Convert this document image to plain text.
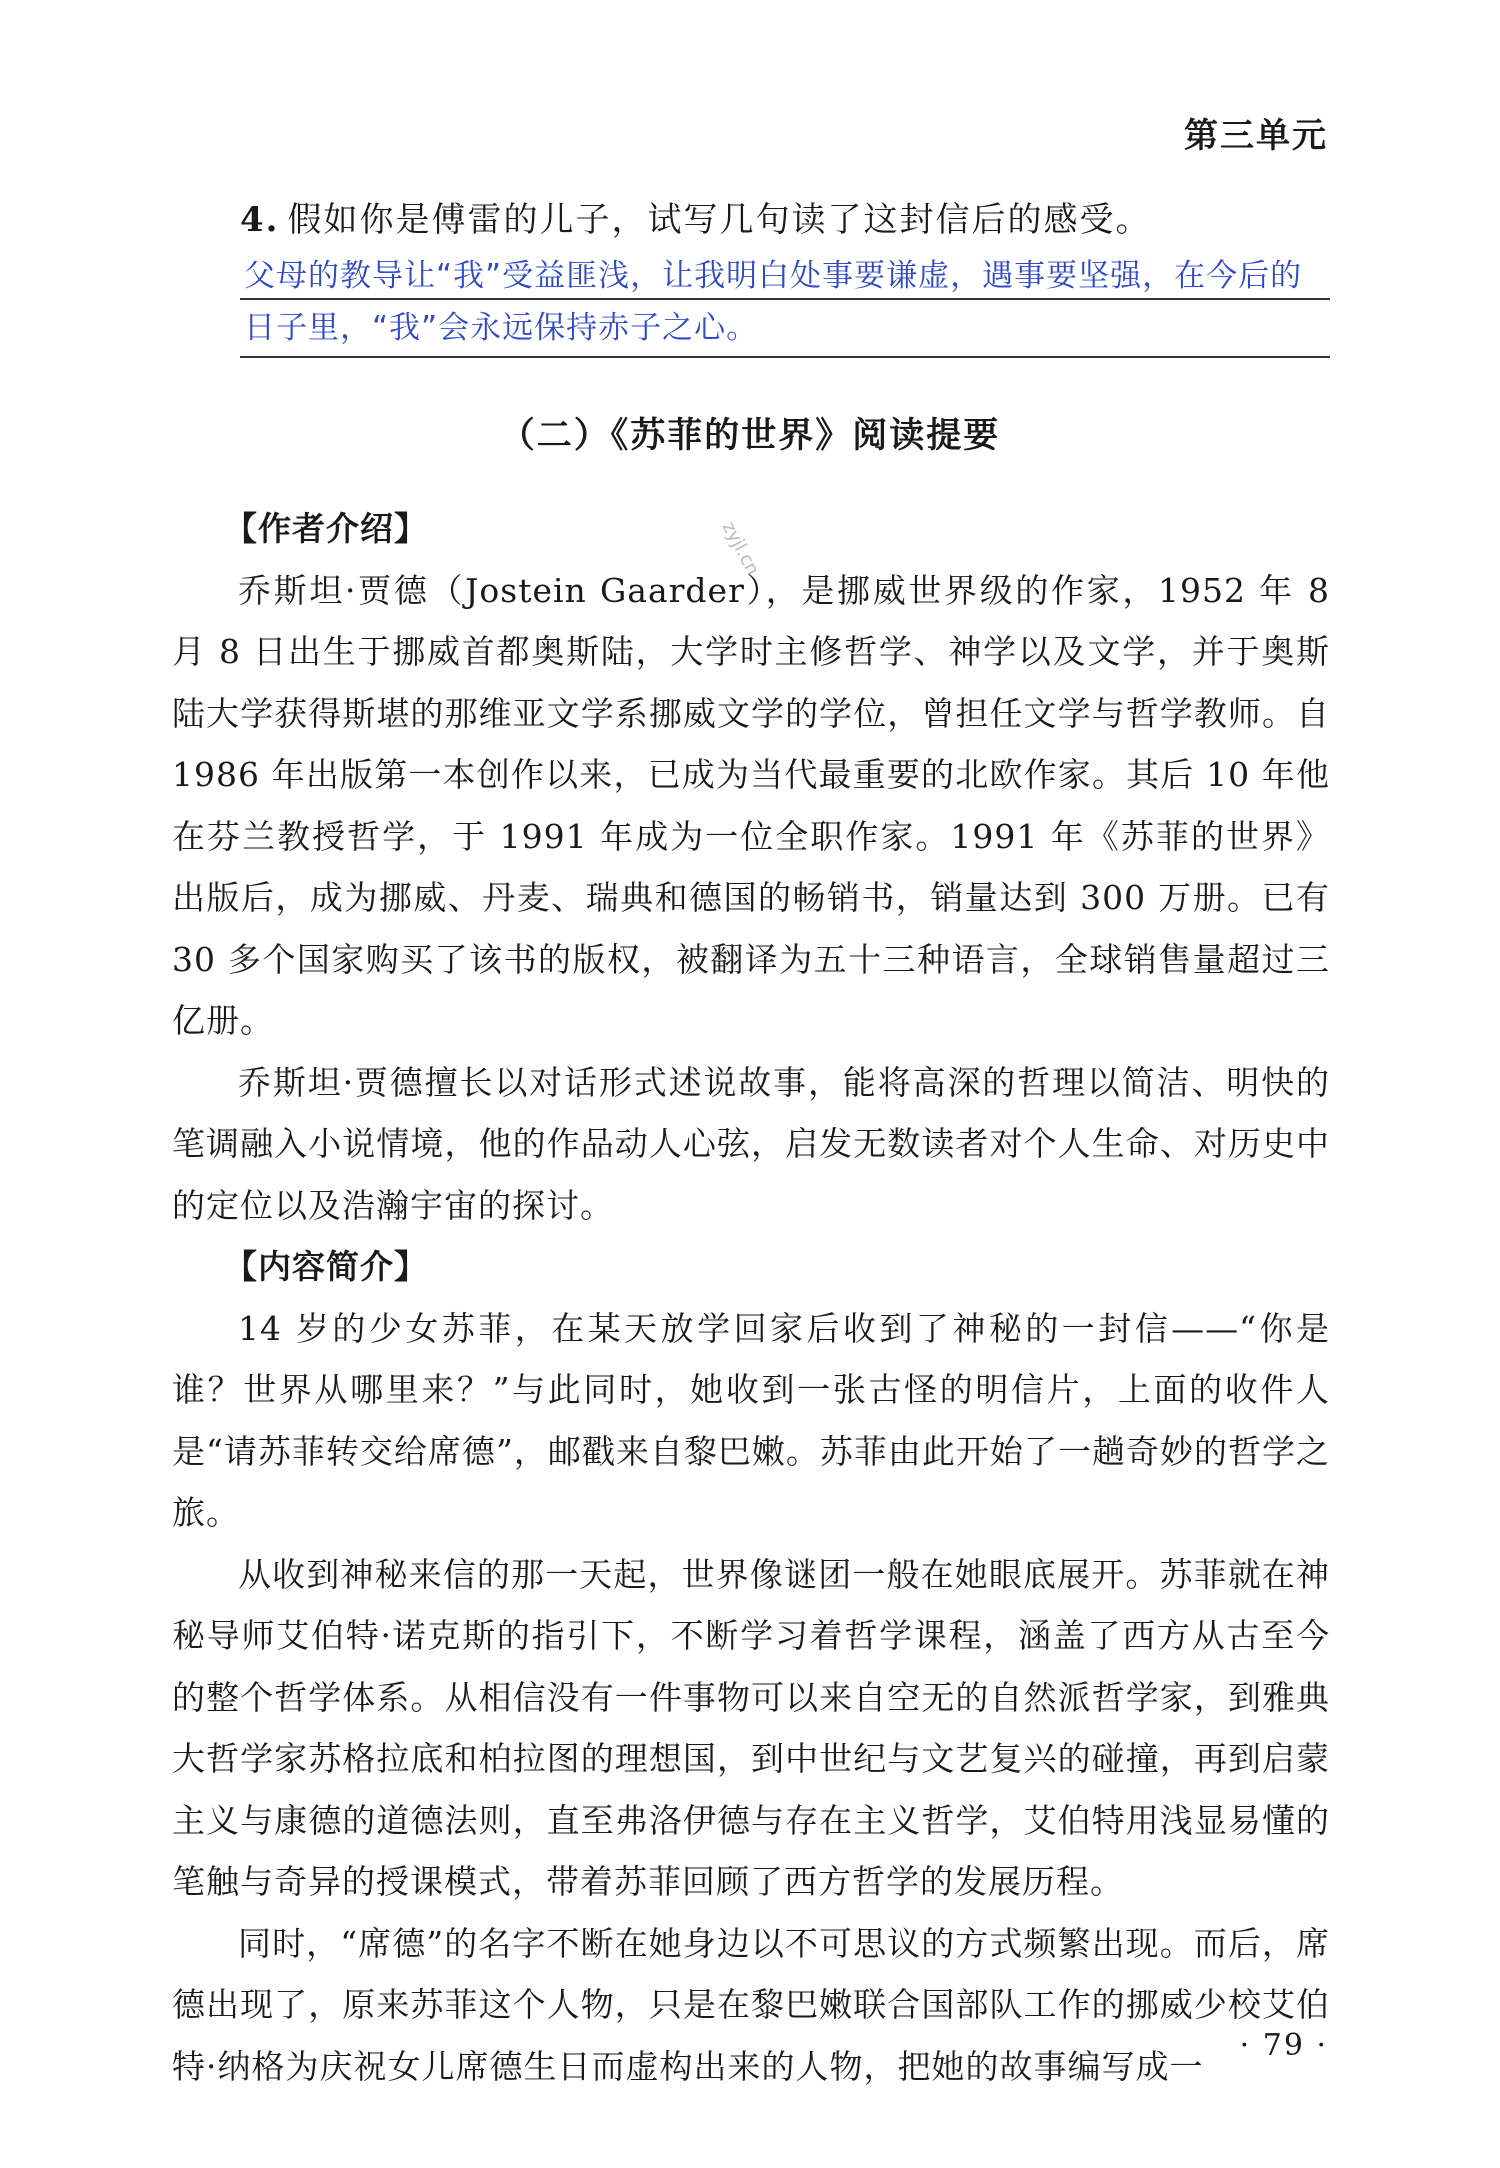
第三单元
4. 假如你是傅雷的儿子，试写几句读了这封信后的感受。
父母的教导让“我”受益匪浅，让我明白处事要谦虚，遇事要坚强，在今后的日子里，“我”会永远保持赤子之心。
（二）《苏菲的世界》阅读提要
zyjl.cn
【作者介绍】

乔斯坦·贾德（Jostein Gaarder），是挪威世界级的作家，1952 年 8 月 8 日出生于挪威首都奥斯陆，大学时主修哲学、神学以及文学，并于奥斯陆大学获得斯堪的那维亚文学系挪威文学的学位，曾担任文学与哲学教师。自 1986 年出版第一本创作以来，已成为当代最重要的北欧作家。其后 10 年他在芬兰教授哲学，于 1991 年成为一位全职作家。1991 年《苏菲的世界》出版后，成为挪威、丹麦、瑞典和德国的畅销书，销量达到 300 万册。已有 30 多个国家购买了该书的版权，被翻译为五十三种语言，全球销售量超过三亿册。

乔斯坦·贾德擅长以对话形式述说故事，能将高深的哲理以简洁、明快的笔调融入小说情境，他的作品动人心弦，启发无数读者对个人生命、对历史中的定位以及浩瀚宇宙的探讨。

【内容简介】

14 岁的少女苏菲，在某天放学回家后收到了神秘的一封信——“你是谁？世界从哪里来？”与此同时，她收到一张古怪的明信片，上面的收件人是“请苏菲转交给席德”，邮戳来自黎巴嫩。苏菲由此开始了一趟奇妙的哲学之旅。

从收到神秘来信的那一天起，世界像谜团一般在她眼底展开。苏菲就在神秘导师艾伯特·诺克斯的指引下，不断学习着哲学课程，涵盖了西方从古至今的整个哲学体系。从相信没有一件事物可以来自空无的自然派哲学家，到雅典大哲学家苏格拉底和柏拉图的理想国，到中世纪与文艺复兴的碰撞，再到启蒙主义与康德的道德法则，直至弗洛伊德与存在主义哲学，艾伯特用浅显易懂的笔触与奇异的授课模式，带着苏菲回顾了西方哲学的发展历程。

同时，“席德”的名字不断在她身边以不可思议的方式频繁出现。而后，席德出现了，原来苏菲这个人物，只是在黎巴嫩联合国部队工作的挪威少校艾伯特·纳格为庆祝女儿席德生日而虚构出来的人物，把她的故事编写成一

· 79 ·
